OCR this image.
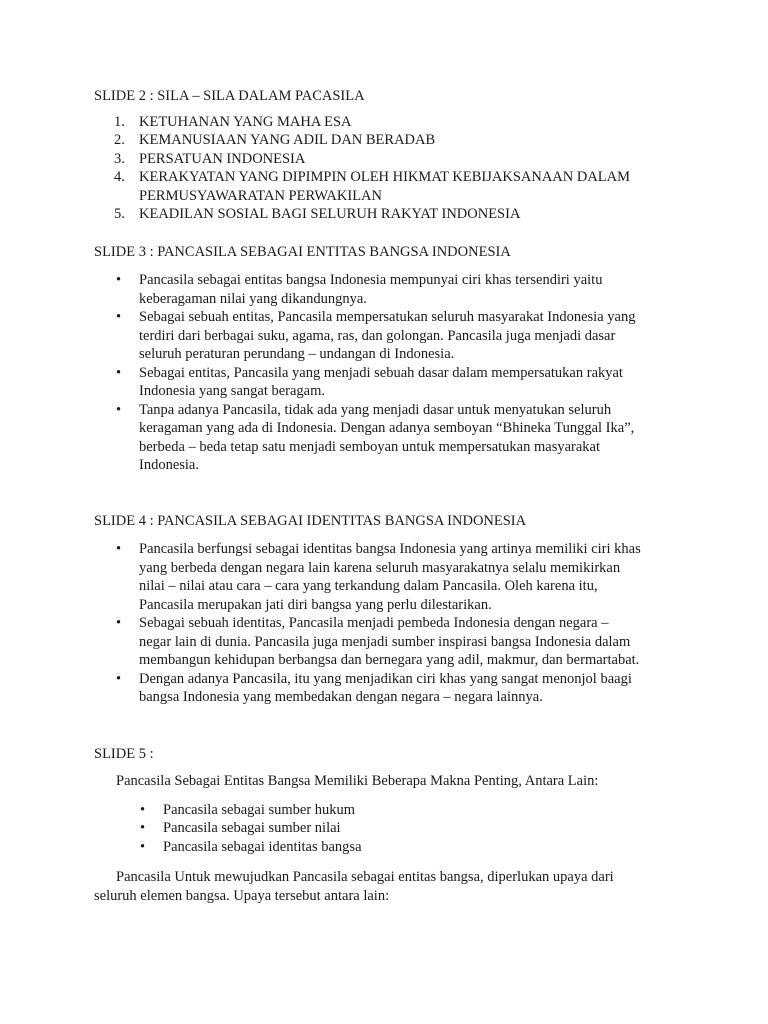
SLIDE 2 : SILA – SILA DALAM PACASILA
1. KETUHANAN YANG MAHA ESA
2. KEMANUSIAAN YANG ADIL DAN BERADAB
3. PERSATUAN INDONESIA
4. KERAKYATAN YANG DIPIMPIN OLEH HIKMAT KEBIJAKSANAAN DALAM
PERMUSYAWARATAN PERWAKILAN
5. KEADILAN SOSIAL BAGI SELURUH RAKYAT INDONESIA
SLIDE 3 : PANCASILA SEBAGAI ENTITAS BANGSA INDONESIA
• Pancasila sebagai entitas bangsa Indonesia mempunyai ciri khas tersendiri yaitu
keberagaman nilai yang dikandungnya.
• Sebagai sebuah entitas, Pancasila mempersatukan seluruh masyarakat Indonesia yang
terdiri dari berbagai suku, agama, ras, dan golongan. Pancasila juga menjadi dasar
seluruh peraturan perundang – undangan di Indonesia.
• Sebagai entitas, Pancasila yang menjadi sebuah dasar dalam mempersatukan rakyat
Indonesia yang sangat beragam.
• Tanpa adanya Pancasila, tidak ada yang menjadi dasar untuk menyatukan seluruh
keragaman yang ada di Indonesia. Dengan adanya semboyan “Bhineka Tunggal Ika”,
berbeda – beda tetap satu menjadi semboyan untuk mempersatukan masyarakat
Indonesia.
SLIDE 4 : PANCASILA SEBAGAI IDENTITAS BANGSA INDONESIA
• Pancasila berfungsi sebagai identitas bangsa Indonesia yang artinya memiliki ciri khas
yang berbeda dengan negara lain karena seluruh masyarakatnya selalu memikirkan
nilai – nilai atau cara – cara yang terkandung dalam Pancasila. Oleh karena itu,
Pancasila merupakan jati diri bangsa yang perlu dilestarikan.
• Sebagai sebuah identitas, Pancasila menjadi pembeda Indonesia dengan negara –
negar lain di dunia. Pancasila juga menjadi sumber inspirasi bangsa Indonesia dalam
membangun kehidupan berbangsa dan bernegara yang adil, makmur, dan bermartabat.
• Dengan adanya Pancasila, itu yang menjadikan ciri khas yang sangat menonjol baagi
bangsa Indonesia yang membedakan dengan negara – negara lainnya.
SLIDE 5 :

Pancasila Sebagai Entitas Bangsa Memiliki Beberapa Makna Penting, Antara Lain:

• Pancasila sebagai sumber hukum
• Pancasila sebagai sumber nilai
• Pancasila sebagai identitas bangsa

Pancasila Untuk mewujudkan Pancasila sebagai entitas bangsa, diperlukan upaya dari
seluruh elemen bangsa. Upaya tersebut antara lain:
